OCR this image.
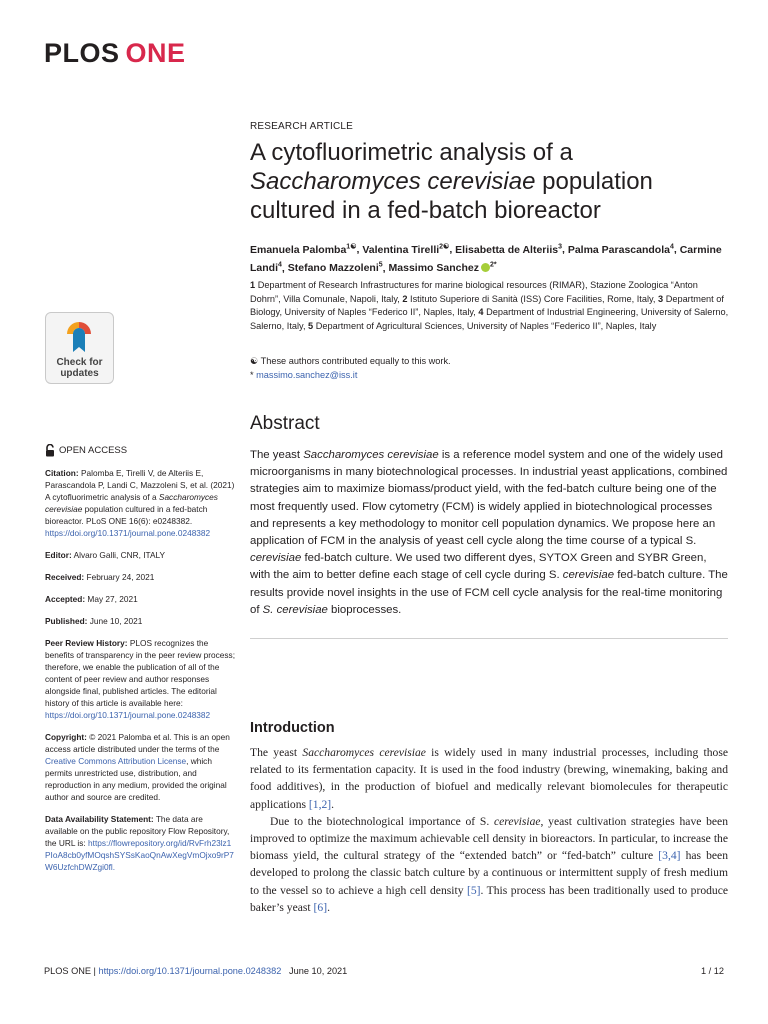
PLOS ONE
RESEARCH ARTICLE
A cytofluorimetric analysis of a Saccharomyces cerevisiae population cultured in a fed-batch bioreactor
Emanuela Palomba$^{1☯}$, Valentina Tirelli$^{2☯}$, Elisabetta de Alteriis$^3$, Palma Parascandola$^4$, Carmine Landi$^4$, Stefano Mazzoleni$^5$, Massimo Sanchez $^{2*}$
1 Department of Research Infrastructures for marine biological resources (RIMAR), Stazione Zoologica “Anton Dohrn”, Villa Comunale, Napoli, Italy, 2 Istituto Superiore di Sanità (ISS) Core Facilities, Rome, Italy, 3 Department of Biology, University of Naples “Federico II”, Naples, Italy, 4 Department of Industrial Engineering, University of Salerno, Salerno, Italy, 5 Department of Agricultural Sciences, University of Naples “Federico II”, Naples, Italy
☯ These authors contributed equally to this work.
* massimo.sanchez@iss.it
Check for
updates
OPEN ACCESS

Citation: Palomba E, Tirelli V, de Alteriis E, Parascandola P, Landi C, Mazzoleni S, et al. (2021) A cytofluorimetric analysis of a Saccharomyces cerevisiae population cultured in a fed-batch bioreactor. PLoS ONE 16(6): e0248382. https://doi.org/10.1371/journal.pone.0248382

Editor: Alvaro Galli, CNR, ITALY

Received: February 24, 2021

Accepted: May 27, 2021

Published: June 10, 2021

Peer Review History: PLOS recognizes the benefits of transparency in the peer review process; therefore, we enable the publication of all of the content of peer review and author responses alongside final, published articles. The editorial history of this article is available here: https://doi.org/10.1371/journal.pone.0248382

Copyright: © 2021 Palomba et al. This is an open access article distributed under the terms of the Creative Commons Attribution License, which permits unrestricted use, distribution, and reproduction in any medium, provided the original author and source are credited.

Data Availability Statement: The data are available on the public repository Flow Repository, the URL is: https://flowrepository.org/id/RvFrh23lz1PIoA8cb0yfMOqshSYSsKaoQnAwXegVmOjxo9rP7W6UzfchDWZgi0fl.

Abstract
The yeast Saccharomyces cerevisiae is a reference model system and one of the widely used microorganisms in many biotechnological processes. In industrial yeast applications, combined strategies aim to maximize biomass/product yield, with the fed-batch culture being one of the most frequently used. Flow cytometry (FCM) is widely applied in biotechnological processes and represents a key methodology to monitor cell population dynamics. We propose here an application of FCM in the analysis of yeast cell cycle along the time course of a typical S. cerevisiae fed-batch culture. We used two different dyes, SYTOX Green and SYBR Green, with the aim to better define each stage of cell cycle during S. cerevisiae fed-batch culture. The results provide novel insights in the use of FCM cell cycle analysis for the real-time monitoring of S. cerevisiae bioprocesses.
Introduction

The yeast Saccharomyces cerevisiae is widely used in many industrial processes, including those related to its fermentation capacity. It is used in the food industry (brewing, winemaking, baking and food additives), in the production of biofuel and medically relevant biomolecules for therapeutic applications [1,2].

Due to the biotechnological importance of S. cerevisiae, yeast cultivation strategies have been improved to optimize the maximum achievable cell density in bioreactors. In particular, to increase the biomass yield, the cultural strategy of the “extended batch” or “fed-batch” culture [3,4] has been developed to prolong the classic batch culture by a continuous or intermittent supply of fresh medium to the vessel so to achieve a high cell density [5]. This process has been traditionally used to produce baker’s yeast [6].

PLOS ONE | https://doi.org/10.1371/journal.pone.0248382 June 10, 2021	1 / 12
